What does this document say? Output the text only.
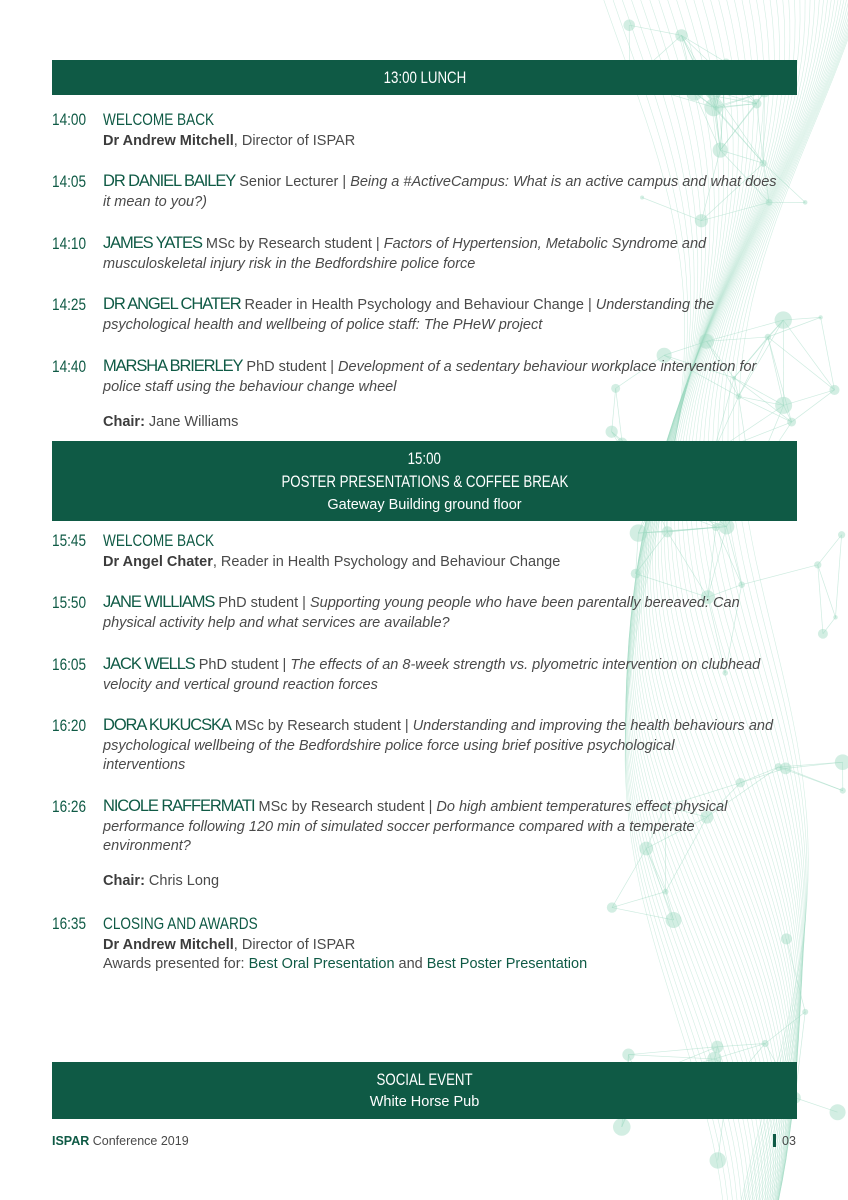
13:00 LUNCH
14:00 WELCOME BACK
Dr Andrew Mitchell, Director of ISPAR
14:05 DR DANIEL BAILEY Senior Lecturer | Being a #ActiveCampus: What is an active campus and what does
it mean to you?)
14:10 JAMES YATES MSc by Research student | Factors of Hypertension, Metabolic Syndrome and
musculoskeletal injury risk in the Bedfordshire police force
14:25 DR ANGEL CHATER Reader in Health Psychology and Behaviour Change | Understanding the
psychological health and wellbeing of police staff: The PHeW project
14:40 MARSHA BRIERLEY PhD student | Development of a sedentary behaviour workplace intervention for
police staff using the behaviour change wheel
Chair: Jane Williams
15:00
POSTER PRESENTATIONS & COFFEE BREAK
Gateway Building ground floor
15:45 WELCOME BACK
Dr Angel Chater, Reader in Health Psychology and Behaviour Change
15:50 JANE WILLIAMS PhD student | Supporting young people who have been parentally bereaved: Can
physical activity help and what services are available?
16:05 JACK WELLS PhD student | The effects of an 8-week strength vs. plyometric intervention on clubhead
velocity and vertical ground reaction forces
16:20 DORA KUKUCSKA MSc by Research student | Understanding and improving the health behaviours and
psychological wellbeing of the Bedfordshire police force using brief positive psychological
interventions
16:26 NICOLE RAFFERMATI MSc by Research student | Do high ambient temperatures effect physical
performance following 120 min of simulated soccer performance compared with a temperate
environment?
Chair: Chris Long
16:35 CLOSING AND AWARDS
Dr Andrew Mitchell, Director of ISPAR
Awards presented for: Best Oral Presentation and Best Poster Presentation
SOCIAL EVENT
White Horse Pub
ISPAR Conference 2019	03
